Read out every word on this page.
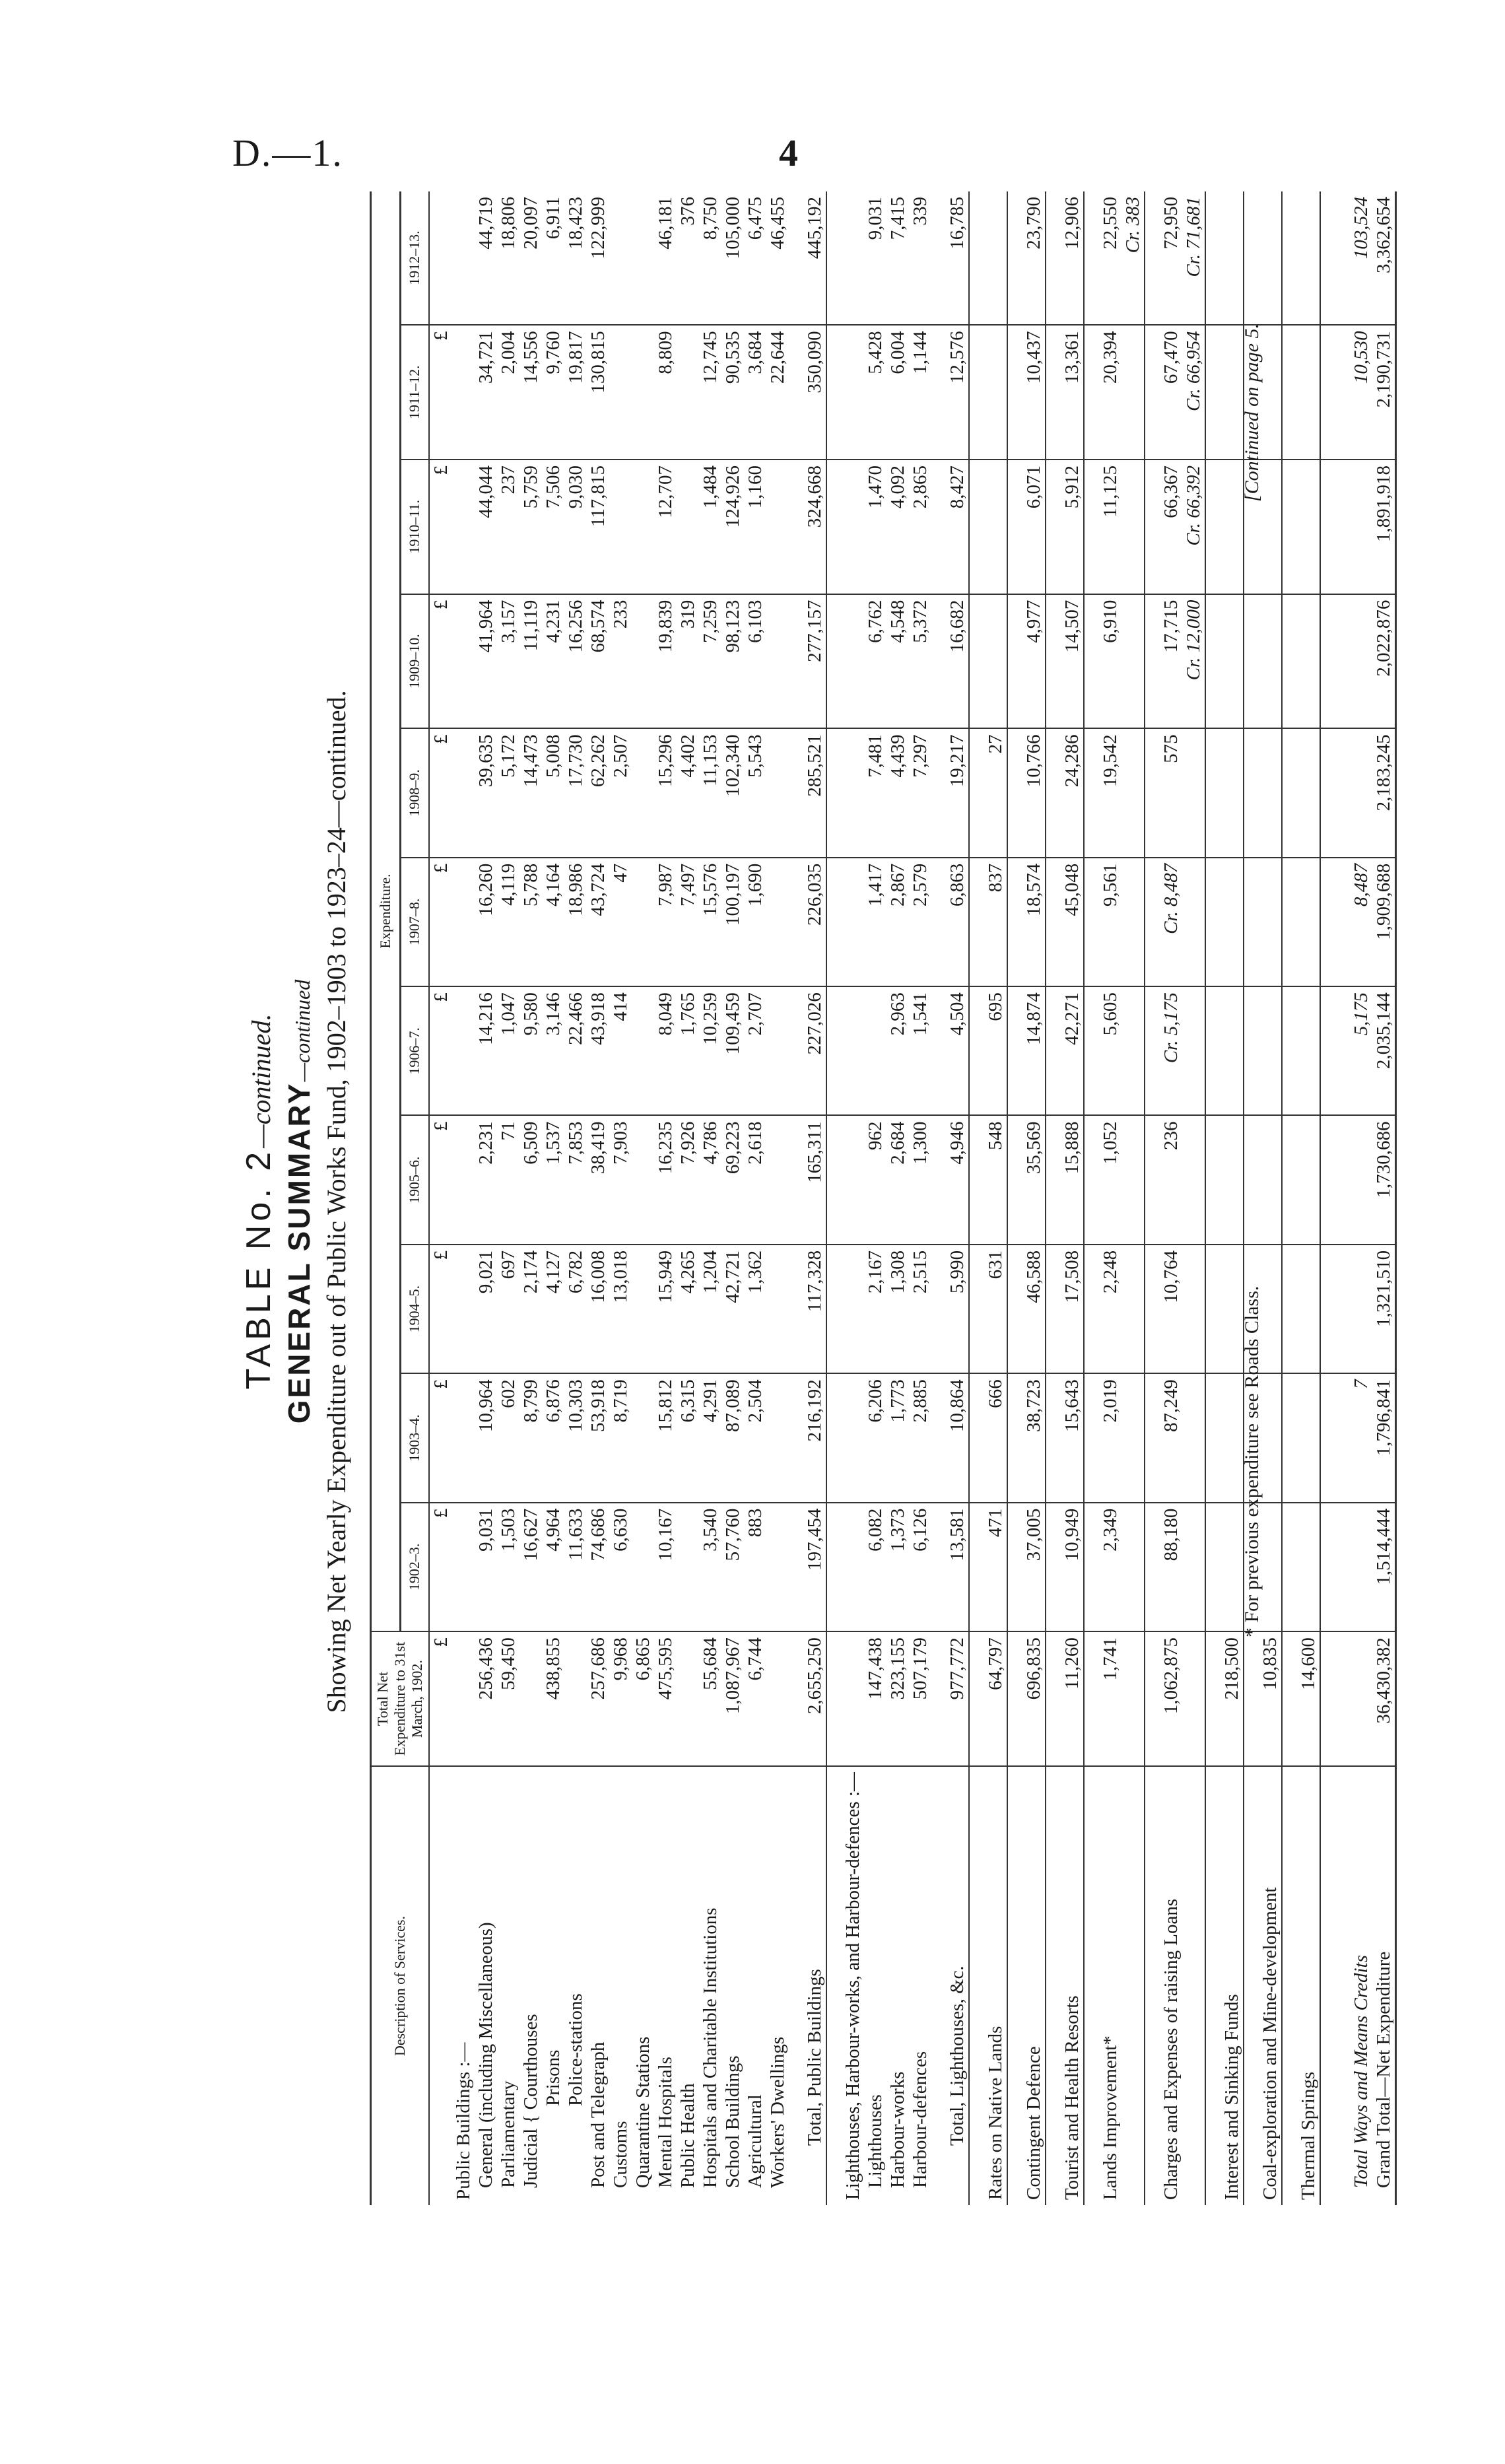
D.—1.	4
TABLE No. 2—continued.
GENERAL SUMMARY—continued Showing Net Yearly Expenditure out of Public Works Fund, 1902–1903 to 1923–24—continued.
Description of Services.	Total Net Expenditure to 31st March, 1902.	Expenditure.										
		1902–3.	1903–4.	1904–5.	1905–6.	1906–7.	1907–8.	1908–9.	1909–10.	1910–11.	1911–12.	1912–13.
	£	£	£	£	£	£	£	£	£	£	£	
Public Buildings :—												
General (including Miscellaneous)	256,436	9,031	10,964	9,021	2,231	14,216	16,260	39,635	41,964	44,044	34,721	44,719
Parliamentary	59,450	1,503	602	697	71	1,047	4,119	5,172	3,157	237	2,004	18,806
Judicial { Courthouses		16,627	8,799	2,174	6,509	9,580	5,788	14,473	11,119	5,759	14,556	20,097
Prisons	438,855	4,964	6,876	4,127	1,537	3,146	4,164	5,008	4,231	7,506	9,760	6,911
Police-stations		11,633	10,303	6,782	7,853	22,466	18,986	17,730	16,256	9,030	19,817	18,423
Post and Telegraph	257,686	74,686	53,918	16,008	38,419	43,918	43,724	62,262	68,574	117,815	130,815	122,999
Customs	9,968	6,630	8,719	13,018	7,903	414	47	2,507	233			
Quarantine Stations	6,865											
Mental Hospitals	475,595	10,167	15,812	15,949	16,235	8,049	7,987	15,296	19,839	12,707	8,809	46,181
Public Health			6,315	4,265	7,926	1,765	7,497	4,402	319			376
Hospitals and Charitable Institutions	55,684	3,540	4,291	1,204	4,786	10,259	15,576	11,153	7,259	1,484	12,745	8,750
School Buildings	1,087,967	57,760	87,089	42,721	69,223	109,459	100,197	102,340	98,123	124,926	90,535	105,000
Agricultural	6,744	883	2,504	1,362	2,618	2,707	1,690	5,543	6,103	1,160	3,684	6,475
Workers' Dwellings											22,644	46,455

Total, Public Buildings	2,655,250	197,454	216,192	117,328	165,311	227,026	226,035	285,521	277,157	324,668	350,090	445,192

Lighthouses, Harbour-works, and Harbour-defences :—												
Lighthouses	147,438	6,082	6,206	2,167	962		1,417	7,481	6,762	1,470	5,428	9,031
Harbour-works	323,155	1,373	1,773	1,308	2,684	2,963	2,867	4,439	4,548	4,092	6,004	7,415
Harbour-defences	507,179	6,126	2,885	2,515	1,300	1,541	2,579	7,297	5,372	2,865	1,144	339

Total, Lighthouses, &c.	977,772	13,581	10,864	5,990	4,946	4,504	6,863	19,217	16,682	8,427	12,576	16,785

Rates on Native Lands	64,797	471	666	631	548	695	837	27				

Contingent Defence	696,835	37,005	38,723	46,588	35,569	14,874	18,574	10,766	4,977	6,071	10,437	23,790

Tourist and Health Resorts	11,260	10,949	15,643	17,508	15,888	42,271	45,048	24,286	14,507	5,912	13,361	12,906

Lands Improvement*	1,741	2,349	2,019	2,248	1,052	5,605	9,561	19,542	6,910	11,125	20,394	22,550
												Cr. 383

Charges and Expenses of raising Loans	1,062,875	88,180	87,249	10,764	236	Cr. 5,175	Cr. 8,487	575	17,715	66,367	67,470	72,950
									Cr. 12,000	Cr. 66,392	Cr. 66,954	Cr. 71,681

Interest and Sinking Funds	218,500											

Coal-exploration and Mine-development	10,835											

Thermal Springs	14,600											

Total Ways and Means Credits			7			5,175	8,487				10,530	103,524
Grand Total—Net Expenditure	36,430,382	1,514,444	1,796,841	1,321,510	1,730,686	2,035,144	1,909,688	2,183,245	2,022,876	1,891,918	2,190,731	3,362,654
* For previous expenditure see Roads Class.
[Continued on page 5.
